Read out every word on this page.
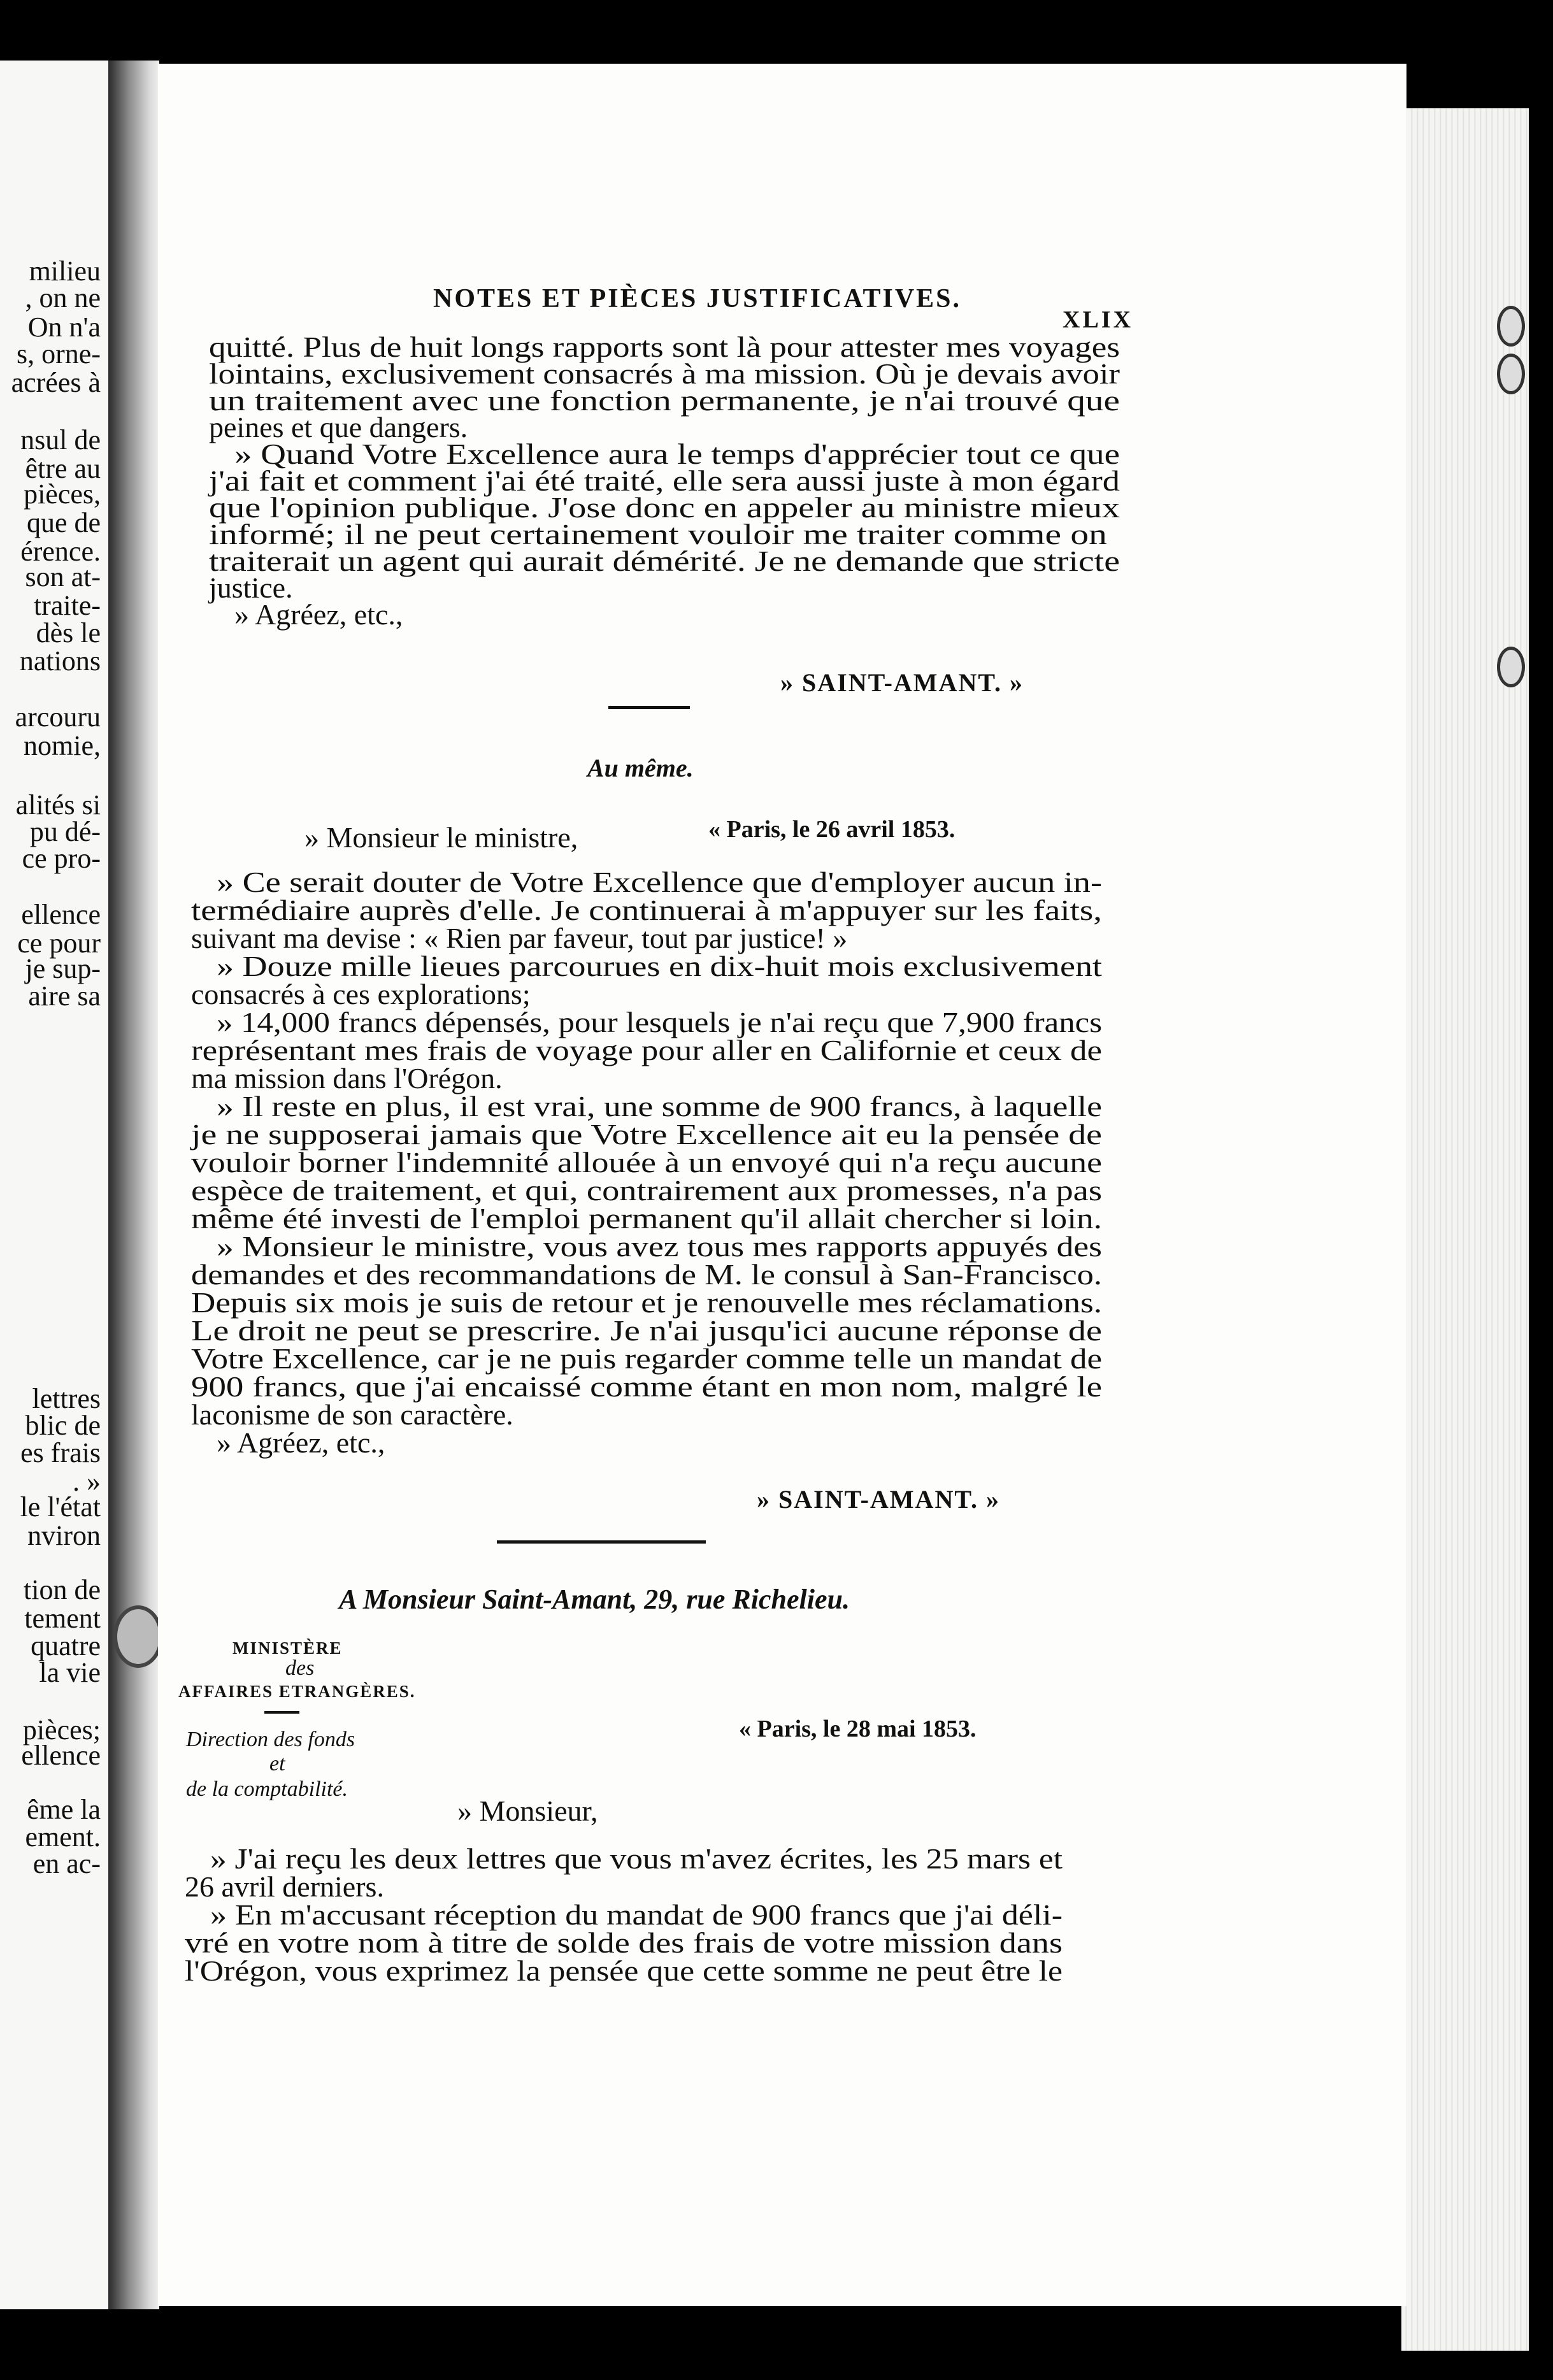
milieu
, on ne
On n'a
s, orne-
acrées à
nsul de
être au
pièces,
que de
érence.
son at-
traite-
dès le
nations
arcouru
nomie,
alités si
pu dé-
ce pro-
ellence
ce pour
je sup-
aire sa
lettres
blic de
es frais
. »
le l'état
nviron
tion de
tement
quatre
la vie
pièces;
ellence
ême la
ement.
en ac-
NOTES ET PIÈCES JUSTIFICATIVES.
XLIX
quitté. Plus de huit longs rapports sont là pour attester mes voyages
lointains, exclusivement consacrés à ma mission. Où je devais avoir
un traitement avec une fonction permanente, je n'ai trouvé que
peines et que dangers.
» Quand Votre Excellence aura le temps d'apprécier tout ce que
j'ai fait et comment j'ai été traité, elle sera aussi juste à mon égard
que l'opinion publique. J'ose donc en appeler au ministre mieux
informé; il ne peut certainement vouloir me traiter comme on
traiterait un agent qui aurait démérité. Je ne demande que stricte
justice.
» Agréez, etc.,
» SAINT-AMANT. »
Au même.
» Monsieur le ministre,	« Paris, le 26 avril 1853.
» Ce serait douter de Votre Excellence que d'employer aucun in-
termédiaire auprès d'elle. Je continuerai à m'appuyer sur les faits,
suivant ma devise : « Rien par faveur, tout par justice! »
» Douze mille lieues parcourues en dix-huit mois exclusivement
consacrés à ces explorations;
» 14,000 francs dépensés, pour lesquels je n'ai reçu que 7,900 francs
représentant mes frais de voyage pour aller en Californie et ceux de
ma mission dans l'Orégon.
» Il reste en plus, il est vrai, une somme de 900 francs, à laquelle
je ne supposerai jamais que Votre Excellence ait eu la pensée de
vouloir borner l'indemnité allouée à un envoyé qui n'a reçu aucune
espèce de traitement, et qui, contrairement aux promesses, n'a pas
même été investi de l'emploi permanent qu'il allait chercher si loin.
» Monsieur le ministre, vous avez tous mes rapports appuyés des
demandes et des recommandations de M. le consul à San-Francisco.
Depuis six mois je suis de retour et je renouvelle mes réclamations.
Le droit ne peut se prescrire. Je n'ai jusqu'ici aucune réponse de
Votre Excellence, car je ne puis regarder comme telle un mandat de
900 francs, que j'ai encaissé comme étant en mon nom, malgré le
laconisme de son caractère.
» Agréez, etc.,
» SAINT-AMANT. »
A Monsieur Saint-Amant, 29, rue Richelieu.
MINISTÈRE
des
AFFAIRES ETRANGÈRES.
Direction des fonds
et
de la comptabilité.
« Paris, le 28 mai 1853.
» Monsieur,
» J'ai reçu les deux lettres que vous m'avez écrites, les 25 mars et
26 avril derniers.
» En m'accusant réception du mandat de 900 francs que j'ai déli-
vré en votre nom à titre de solde des frais de votre mission dans
l'Orégon, vous exprimez la pensée que cette somme ne peut être le
